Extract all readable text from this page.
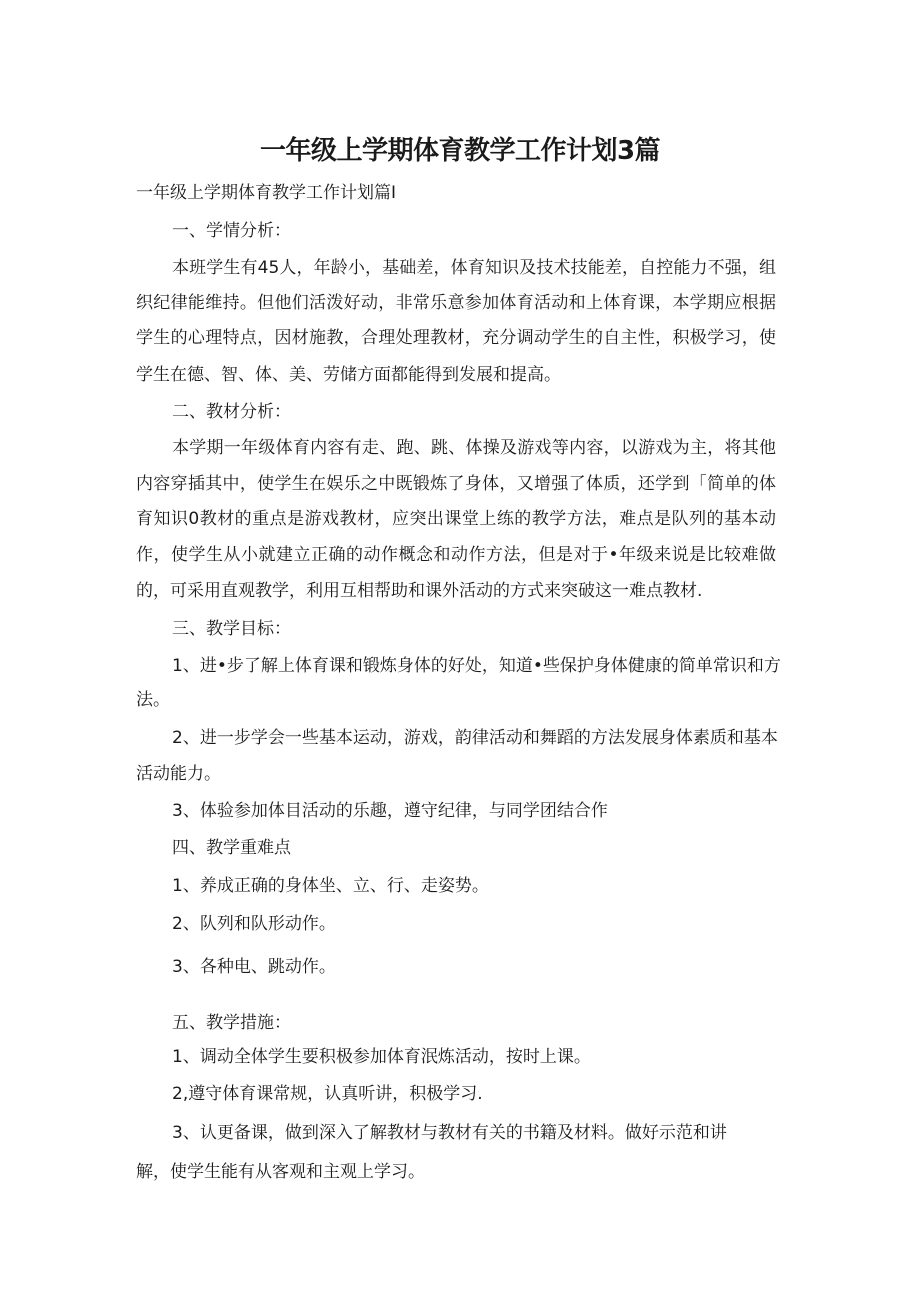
一年级上学期体育教学工作计划3篇
一年级上学期体育教学工作计划篇I
一、学情分析：
本班学生有45人，年龄小，基础差，体育知识及技术技能差，自控能力不强，组
织纪律能维持。但他们活泼好动，非常乐意参加体育活动和上体育课，本学期应根据
学生的心理特点，因材施教，合理处理教材，充分调动学生的自主性，积极学习，使
学生在德、智、体、美、劳储方面都能得到发展和提高。
二、教材分析：
本学期一年级体育内容有走、跑、跳、体操及游戏等内容，以游戏为主，将其他
内容穿插其中，使学生在娱乐之中既锻炼了身体，又增强了体质，还学到「简单的体
育知识0教材的重点是游戏教材，应突出课堂上练的教学方法，难点是队列的基本动
作，使学生从小就建立正确的动作概念和动作方法，但是对于•年级来说是比较难做
的，可采用直观教学，利用互相帮助和课外活动的方式来突破这一难点教材.
三、教学目标：
1、进•步了解上体育课和锻炼身体的好处，知道•些保护身体健康的简单常识和方
法。
2、进一步学会一些基本运动，游戏，韵律活动和舞蹈的方法发展身体素质和基本
活动能力。
3、体验参加体目活动的乐趣，遵守纪律，与同学团结合作
四、教学重难点
1、养成正确的身体坐、立、行、走姿势。
2、队列和队形动作。
3、各种电、跳动作。
五、教学措施：
1、调动全体学生要积极参加体育泯炼活动，按时上课。
2,遵守体育课常规，认真听讲，积极学习.
3、认更备课，做到深入了解教材与教材有关的书籍及材料。做好示范和讲
解，使学生能有从客观和主观上学习。
